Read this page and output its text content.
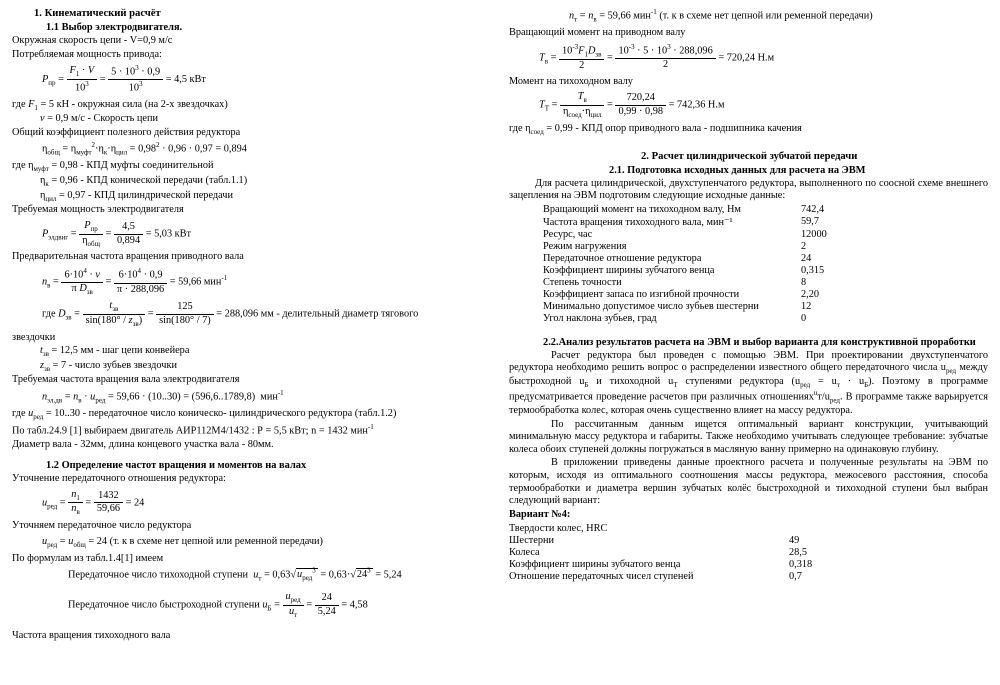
1. Кинематический расчёт
1.1 Выбор электродвигателя.

Окружная скорость цепи - V=0,9 м/с

Потребляемая мощность привода:

$P_{пр} = \frac{F_1 \cdot V}{10^3} = \frac{5 \cdot 10^3 \cdot 0,9}{10^3} = 4,5$ кВт

где $F_1 = 5$ кН - окружная сила (на 2-х звездочках)

v = 0,9 м/с - Скорость цепи

Общий коэффициент полезного действия редуктора

$\eta_{общ} = \eta_{муфт}^2\cdot\eta_к\cdot\eta_{цил} = 0,98^2 \cdot 0,96 \cdot 0,97 = 0,894$

где $\eta_{муфт} = 0,98$ - КПД муфты соединительной

$\eta_к = 0,96$ - КПД конической передачи (табл.1.1)

$\eta_{цил} = 0,97$ - КПД цилиндрической передачи

Требуемая мощность электродвигателя

$P_{элдвиг}$ =
$P_{пр}$
$\eta_{общ}$
= $\frac{4,5}{0,894} = 5,03$ кВт

Предварительная частота вращения приводного вала

$n_в$ =
$6\cdot 10^4 \cdot v$
π $D_{зв}$
= $\frac{6\cdot 10^4 \cdot 0,9}{\pi \cdot 288,096} = 59,66$ мин$^{-1}$
где $D_{зв}$ =
$t_{зв}$
$\sin(180^\circ / z_{зв})$
= $\frac{125}{\sin(180^\circ / 7)} = 288,096$ мм - делительный диаметр тягового

звездочки

$t_{зв} = 12,5$ мм - шаг цепи конвейера

$z_{зв} = 7$ - число зубьев звездочки

Требуемая частота вращения вала электродвигателя

$n_{эл.дв} = n_в \cdot u_{ред} = 59,66 \cdot (10..30) = (596,6..1789,8)$  мин$^{-1}$

где $u_{ред} = 10..30$ - передаточное число коническо- цилиндрического редуктора (табл.1.2)

По табл.24.9 [1] выбираем двигатель АИР112М4/1432 : Р = 5,5 кВт; n = 1432 мин$^{-1}$

Диаметр вала - 32мм, длина концевого участка вала - 80мм.

1.2 Определение частот вращения и моментов на валах

Уточнение передаточного отношения редуктора:

$u_{ред}$ =
$n_1$
$n_в$
= $\frac{1432}{59,66} = 24$

Уточняем передаточное число редуктора

$u_{ред} = u_{общ} = 24$ (т. к в схеме нет цепной или ременной передачи)

По формулам из табл.1.4[1] имеем

Передаточное число тихоходной ступени  $u_т = 0,63√u_{ред}^3 = 0,63\cdot√24^3 = 5,24$
Передаточное число быстроходной ступени $u_Б$ =
$u_{ред}$
$u_т$
= $\frac{24}{5,24} = 4,58$

Частота вращения тихоходного вала

$n_т = n_в = 59,66$ мин$^{-1}$ (т. к в схеме нет цепной или ременной передачи)

Вращающий момент на приводном валу

$T_в$ =
$10^{-3}F_1D_{зв}$
2
= $\frac{10^{-3} \cdot 5 \cdot 10^3 \cdot 288,096}{2} = 720,24$ Н.м

Момент на тихоходном валу

$T_Т$ =
$T_в$
$\eta_{соед}\cdot\eta_{цил}$
= $\frac{720,24}{0,99 \cdot 0,98} = 742,36$ Н.м

где $\eta_{соед} = 0,99$ - КПД опор приводного вала - подшипника качения

2. Расчет цилиндрической зубчатой передачи
2.1. Подготовка исходных данных для расчета на ЭВМ

Для расчета цилиндрической, двухступенчатого редуктора, выполненного по соосной схеме внешнего зацепления на ЭВМ подготовим следующие исходные данные:

Вращающий момент на тихоходном валу, Нм	742,4
Частота вращения тихоходного вала, мин⁻¹	59,7
Ресурс, час	12000
Режим нагружения	2
Передаточное отношение редуктора	24
Коэффициент ширины зубчатого венца	0,315
Степень точности	8
Коэффициент запаса по изгибной прочности	2,20
Минимально допустимое число зубьев шестерни	12
Угол наклона зубьев, град	0
2.2.Анализ результатов расчета на ЭВМ и выбор варианта для конструктивной проработки

Расчет редуктора был проведен с помощью ЭВМ. При проектировании двухступенчатого редуктора необходимо решить вопрос о распределении известного общего передаточного числа $u_{ред}$ между быстроходной $u_Б$ и тихоходной $u_Т$ ступенями редуктора $(u_{ред} = u_т \cdot u_Б)$. Поэтому в программе предусматривается проведение расчетов при различных $отношениях^uт/u_{ред}$. В программе также варьируется термообработка колес, которая очень существенно влияет на массу редуктора.

По рассчитанным данным ищется оптимальный вариант конструкции, учитывающий минимальную массу редуктора и габариты. Также необходимо учитывать следующее требование: зубчатые колеса обоих ступеней должны погружаться в масляную ванну примерно на одинаковую глубину.

В приложении приведены данные проектного расчета и полученные результаты на ЭВМ по которым, исходя из оптимального соотношения массы редуктора, межосевого расстояния, способа термообработки и диаметра вершин зубчатых колёс быстроходной и тихоходной ступени был выбран следующий вариант:

Вариант №4:

Твердости колес, HRC	
Шестерни	49
Колеса	28,5
Коэффициент ширины зубчатого венца	0,318
Отношение передаточных чисел ступеней	0,7
